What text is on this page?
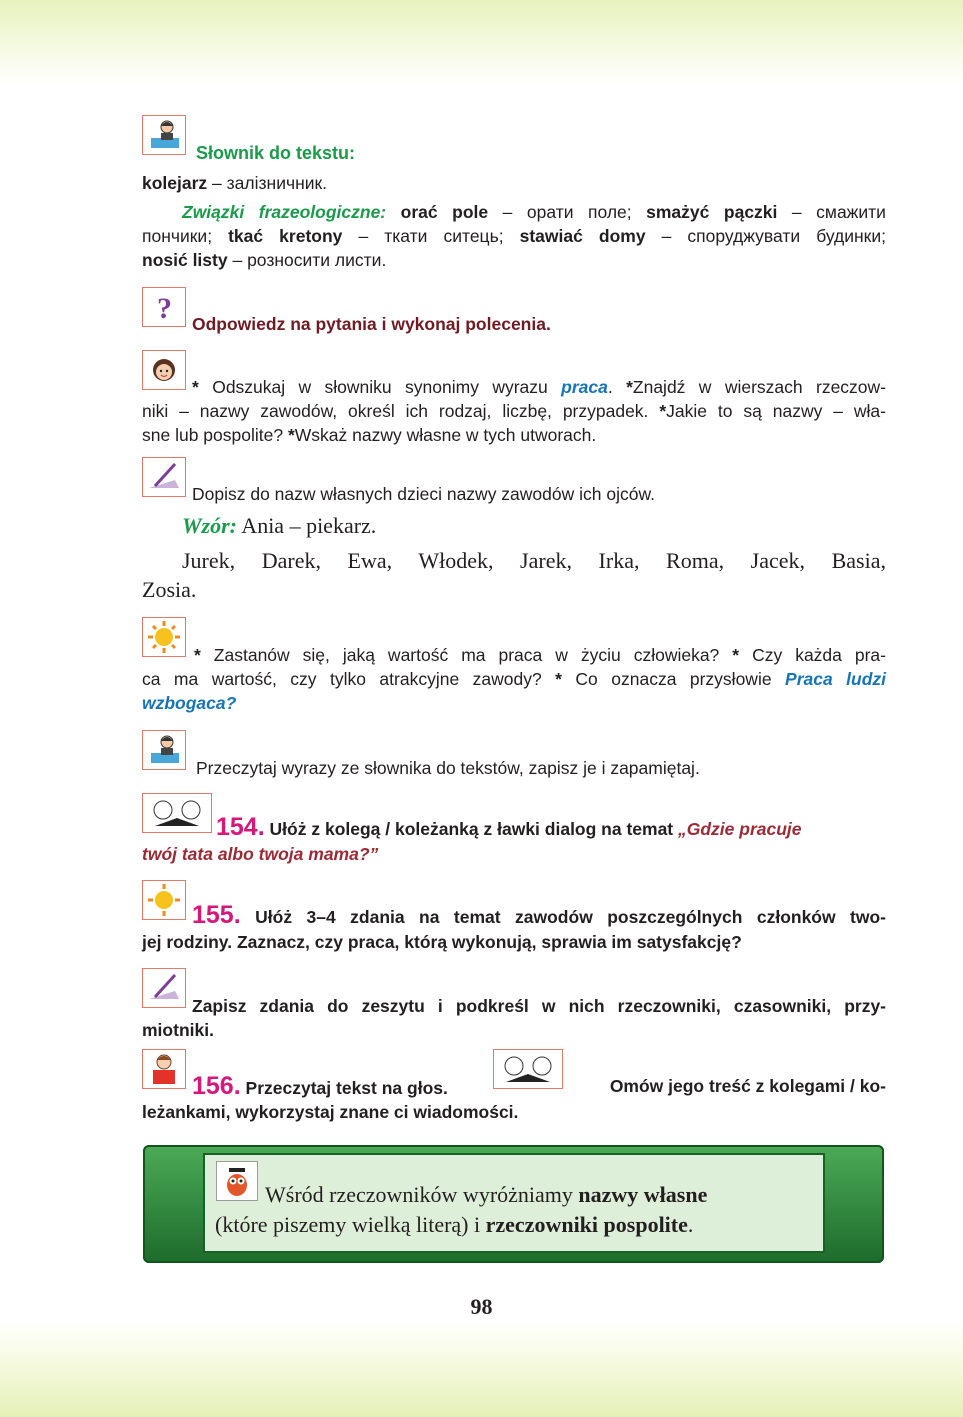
Słownik do tekstu:
kolejarz – залізничник.
Związki frazeologiczne: orać pole – орати поле; smażyć pączki – смажити
пончики; tkać kretony – ткати ситець; stawiać domy – споруджувати будинки;
nosić listy – розносити листи.
? Odpowiedz na pytania i wykonaj polecenia.
* Odszukaj w słowniku synonimy wyrazu praca. *Znajdź w wierszach rzeczow-
niki – nazwy zawodów, określ ich rodzaj, liczbę, przypadek. *Jakie to są nazwy – wła-
sne lub pospolite? *Wskaż nazwy własne w tych utworach.
Dopisz do nazw własnych dzieci nazwy zawodów ich ojców.
Wzór: Ania – piekarz.
Jurek, Darek, Ewa, Włodek, Jarek, Irka, Roma, Jacek, Basia,
Zosia.
* Zastanów się, jaką wartość ma praca w życiu człowieka? * Czy każda pra-
ca ma wartość, czy tylko atrakcyjne zawody? * Co oznacza przysłowie Praca ludzi
wzbogaca?
Przeczytaj wyrazy ze słownika do tekstów, zapisz je i zapamiętaj.
154. Ułóż z kolegą / koleżanką z ławki dialog na temat „Gdzie pracuje
twój tata albo twoja mama?”
155. Ułóż 3–4 zdania na temat zawodów poszczególnych członków two-
jej rodziny. Zaznacz, czy praca, którą wykonują, sprawia im satysfakcję?
Zapisz zdania do zeszytu i podkreśl w nich rzeczowniki, czasowniki, przy-
miotniki.
156. Przeczytaj tekst na głos.	Omów jego treść z kolegami / ko-
leżankami, wykorzystaj znane ci wiadomości.
Wśród rzeczowników wyróżniamy nazwy własne
(które piszemy wielką literą) i rzeczowniki pospolite.
98
